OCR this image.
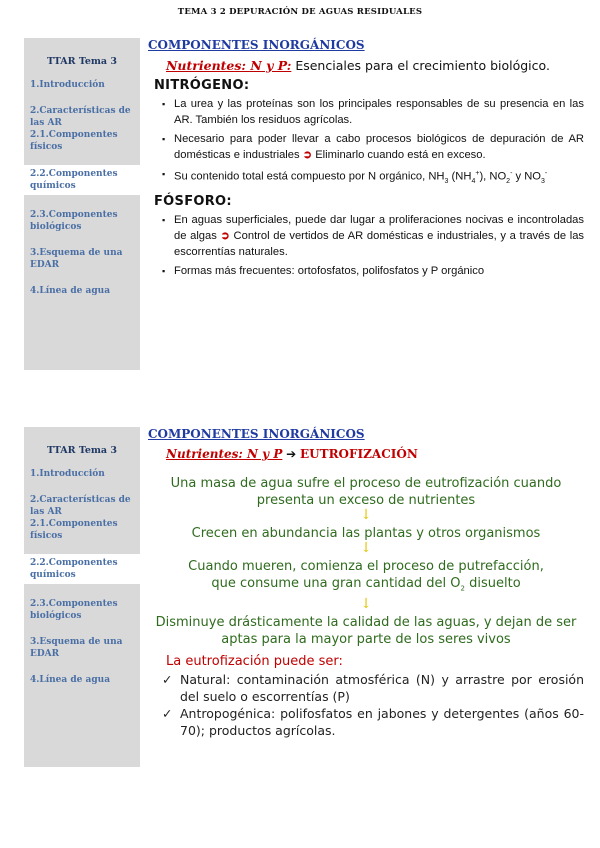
TEMA 3 2 DEPURACIÓN DE AGUAS RESIDUALES
TTAR Tema 3
1.Introducción
2.Características de las AR
2.1.Componentes físicos
2.2.Componentes químicos
2.3.Componentes biológicos
3.Esquema de una EDAR
4.Línea de agua
COMPONENTES INORGÁNICOS
Nutrientes: N y P: Esenciales para el crecimiento biológico.
NITRÓGENO:
▪ La urea y las proteínas son los principales responsables de su presencia en las AR. También los residuos agrícolas.
▪ Necesario para poder llevar a cabo procesos biológicos de depuración de AR domésticas e industriales ➲ Eliminarlo cuando está en exceso.
▪ Su contenido total está compuesto por N orgánico, $NH_3$ $(NH_4^+)$, $NO_2^-$ y $NO_3^-$
FÓSFORO:
▪ En aguas superficiales, puede dar lugar a proliferaciones nocivas e incontroladas de algas ➲ Control de vertidos de AR domésticas e industriales, y a través de las escorrentías naturales.
▪ Formas más frecuentes: ortofosfatos, polifosfatos y P orgánico
TTAR Tema 3
1.Introducción
2.Características de las AR
2.1.Componentes físicos
2.2.Componentes químicos
2.3.Componentes biológicos
3.Esquema de una EDAR
4.Línea de agua
COMPONENTES INORGÁNICOS
Nutrientes: N y P ➔ EUTROFIZACIÓN
Una masa de agua sufre el proceso de eutrofización cuando presenta un exceso de nutrientes
↓
Crecen en abundancia las plantas y otros organismos
↓
Cuando mueren, comienza el proceso de putrefacción, que consume una gran cantidad del $O_2$ disuelto
↓
Disminuye drásticamente la calidad de las aguas, y dejan de ser aptas para la mayor parte de los seres vivos
La eutrofización puede ser:
✓ Natural: contaminación atmosférica (N) y arrastre por erosión del suelo o escorrentías (P)
✓ Antropogénica: polifosfatos en jabones y detergentes (años 60-70); productos agrícolas.
